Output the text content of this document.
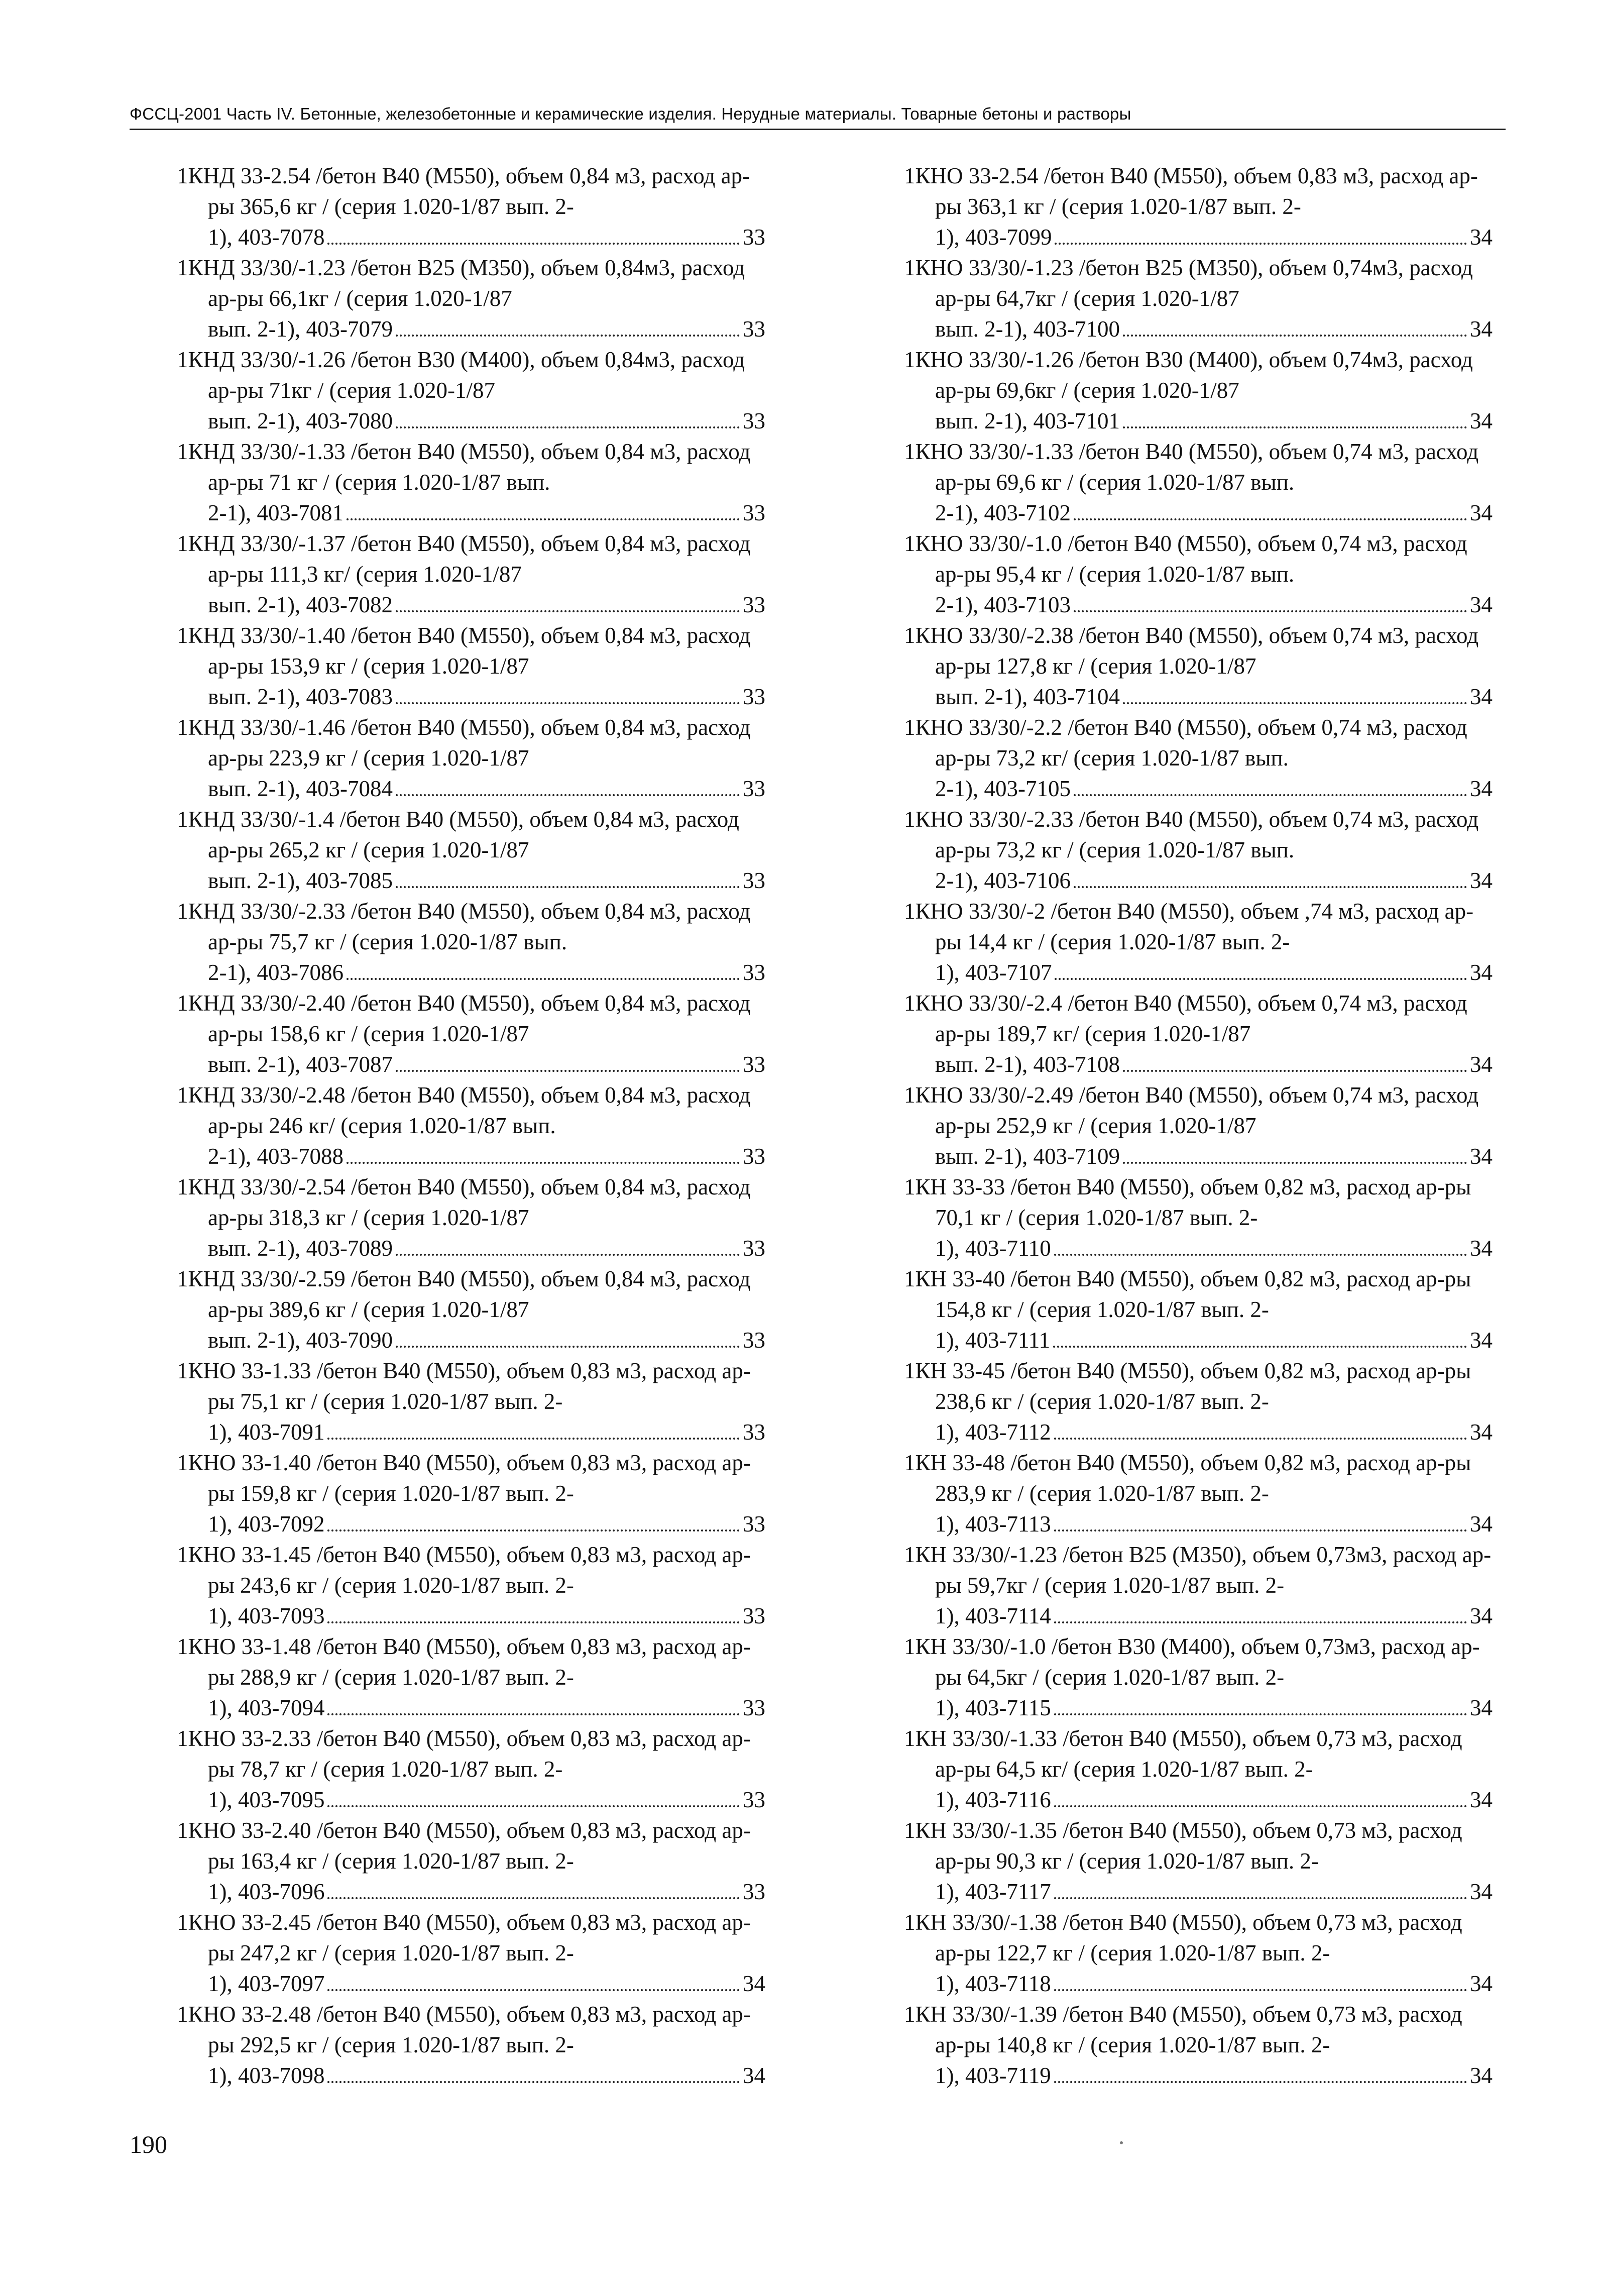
ФССЦ-2001 Часть IV. Бетонные, железобетонные и керамические изделия. Нерудные материалы. Товарные бетоны и растворы
1КНД 33-2.54 /бетон В40 (М550), объем 0,84 м3, расход ар-ры 365,6 кг / (серия 1.020-1/87 вып. 2-
1), 403-7078	33
1КНД 33/30/-1.23 /бетон В25 (М350), объем 0,84м3, расход ар-ры 66,1кг / (серия 1.020-1/87
вып. 2-1), 403-7079	33
1КНД 33/30/-1.26 /бетон В30 (М400), объем 0,84м3, расход ар-ры 71кг / (серия 1.020-1/87
вып. 2-1), 403-7080	33
1КНД 33/30/-1.33 /бетон В40 (М550), объем 0,84 м3, расход ар-ры 71 кг / (серия 1.020-1/87 вып.
2-1), 403-7081	33
1КНД 33/30/-1.37 /бетон В40 (М550), объем 0,84 м3, расход ар-ры 111,3 кг/ (серия 1.020-1/87
вып. 2-1), 403-7082	33
1КНД 33/30/-1.40 /бетон В40 (М550), объем 0,84 м3, расход ар-ры 153,9 кг / (серия 1.020-1/87
вып. 2-1), 403-7083	33
1КНД 33/30/-1.46 /бетон В40 (М550), объем 0,84 м3, расход ар-ры 223,9 кг / (серия 1.020-1/87
вып. 2-1), 403-7084	33
1КНД 33/30/-1.4 /бетон В40 (М550), объем 0,84 м3, расход ар-ры 265,2 кг / (серия 1.020-1/87
вып. 2-1), 403-7085	33
1КНД 33/30/-2.33 /бетон В40 (М550), объем 0,84 м3, расход ар-ры 75,7 кг / (серия 1.020-1/87 вып.
2-1), 403-7086	33
1КНД 33/30/-2.40 /бетон В40 (М550), объем 0,84 м3, расход ар-ры 158,6 кг / (серия 1.020-1/87
вып. 2-1), 403-7087	33
1КНД 33/30/-2.48 /бетон В40 (М550), объем 0,84 м3, расход ар-ры 246 кг/ (серия 1.020-1/87 вып.
2-1), 403-7088	33
1КНД 33/30/-2.54 /бетон В40 (М550), объем 0,84 м3, расход ар-ры 318,3 кг / (серия 1.020-1/87
вып. 2-1), 403-7089	33
1КНД 33/30/-2.59 /бетон В40 (М550), объем 0,84 м3, расход ар-ры 389,6 кг / (серия 1.020-1/87
вып. 2-1), 403-7090	33
1КНО 33-1.33 /бетон В40 (М550), объем 0,83 м3, расход ар-ры 75,1 кг / (серия 1.020-1/87 вып. 2-
1), 403-7091	33
1КНО 33-1.40 /бетон В40 (М550), объем 0,83 м3, расход ар-ры 159,8 кг / (серия 1.020-1/87 вып. 2-
1), 403-7092	33
1КНО 33-1.45 /бетон В40 (М550), объем 0,83 м3, расход ар-ры 243,6 кг / (серия 1.020-1/87 вып. 2-
1), 403-7093	33
1КНО 33-1.48 /бетон В40 (М550), объем 0,83 м3, расход ар-ры 288,9 кг / (серия 1.020-1/87 вып. 2-
1), 403-7094	33
1КНО 33-2.33 /бетон В40 (М550), объем 0,83 м3, расход ар-ры 78,7 кг / (серия 1.020-1/87 вып. 2-
1), 403-7095	33
1КНО 33-2.40 /бетон В40 (М550), объем 0,83 м3, расход ар-ры 163,4 кг / (серия 1.020-1/87 вып. 2-
1), 403-7096	33
1КНО 33-2.45 /бетон В40 (М550), объем 0,83 м3, расход ар-ры 247,2 кг / (серия 1.020-1/87 вып. 2-
1), 403-7097	34
1КНО 33-2.48 /бетон В40 (М550), объем 0,83 м3, расход ар-ры 292,5 кг / (серия 1.020-1/87 вып. 2-
1), 403-7098	34
1КНО 33-2.54 /бетон В40 (М550), объем 0,83 м3, расход ар-ры 363,1 кг / (серия 1.020-1/87 вып. 2-
1), 403-7099	34
1КНО 33/30/-1.23 /бетон В25 (М350), объем 0,74м3, расход ар-ры 64,7кг / (серия 1.020-1/87
вып. 2-1), 403-7100	34
1КНО 33/30/-1.26 /бетон В30 (М400), объем 0,74м3, расход ар-ры 69,6кг / (серия 1.020-1/87
вып. 2-1), 403-7101	34
1КНО 33/30/-1.33 /бетон В40 (М550), объем 0,74 м3, расход ар-ры 69,6 кг / (серия 1.020-1/87 вып.
2-1), 403-7102	34
1КНО 33/30/-1.0 /бетон В40 (М550), объем 0,74 м3, расход ар-ры 95,4 кг / (серия 1.020-1/87 вып.
2-1), 403-7103	34
1КНО 33/30/-2.38 /бетон В40 (М550), объем 0,74 м3, расход ар-ры 127,8 кг / (серия 1.020-1/87
вып. 2-1), 403-7104	34
1КНО 33/30/-2.2 /бетон В40 (М550), объем 0,74 м3, расход ар-ры 73,2 кг/ (серия 1.020-1/87 вып.
2-1), 403-7105	34
1КНО 33/30/-2.33 /бетон В40 (М550), объем 0,74 м3, расход ар-ры 73,2 кг / (серия 1.020-1/87 вып.
2-1), 403-7106	34
1КНО 33/30/-2 /бетон В40 (М550), объем ,74 м3, расход ар-ры 14,4 кг / (серия 1.020-1/87 вып. 2-
1), 403-7107	34
1КНО 33/30/-2.4 /бетон В40 (М550), объем 0,74 м3, расход ар-ры 189,7 кг/ (серия 1.020-1/87
вып. 2-1), 403-7108	34
1КНО 33/30/-2.49 /бетон В40 (М550), объем 0,74 м3, расход ар-ры 252,9 кг / (серия 1.020-1/87
вып. 2-1), 403-7109	34
1КН 33-33 /бетон В40 (М550), объем 0,82 м3, расход ар-ры 70,1 кг / (серия 1.020-1/87 вып. 2-
1), 403-7110	34
1КН 33-40 /бетон В40 (М550), объем 0,82 м3, расход ар-ры 154,8 кг / (серия 1.020-1/87 вып. 2-
1), 403-7111	34
1КН 33-45 /бетон В40 (М550), объем 0,82 м3, расход ар-ры 238,6 кг / (серия 1.020-1/87 вып. 2-
1), 403-7112	34
1КН 33-48 /бетон В40 (М550), объем 0,82 м3, расход ар-ры 283,9 кг / (серия 1.020-1/87 вып. 2-
1), 403-7113	34
1КН 33/30/-1.23 /бетон В25 (М350), объем 0,73м3, расход ар-ры 59,7кг / (серия 1.020-1/87 вып. 2-
1), 403-7114	34
1КН 33/30/-1.0 /бетон В30 (М400), объем 0,73м3, расход ар-ры 64,5кг / (серия 1.020-1/87 вып. 2-
1), 403-7115	34
1КН 33/30/-1.33 /бетон В40 (М550), объем 0,73 м3, расход ар-ры 64,5 кг/ (серия 1.020-1/87 вып. 2-
1), 403-7116	34
1КН 33/30/-1.35 /бетон В40 (М550), объем 0,73 м3, расход ар-ры 90,3 кг / (серия 1.020-1/87 вып. 2-
1), 403-7117	34
1КН 33/30/-1.38 /бетон В40 (М550), объем 0,73 м3, расход ар-ры 122,7 кг / (серия 1.020-1/87 вып. 2-
1), 403-7118	34
1КН 33/30/-1.39 /бетон В40 (М550), объем 0,73 м3, расход ар-ры 140,8 кг / (серия 1.020-1/87 вып. 2-
1), 403-7119	34
190
